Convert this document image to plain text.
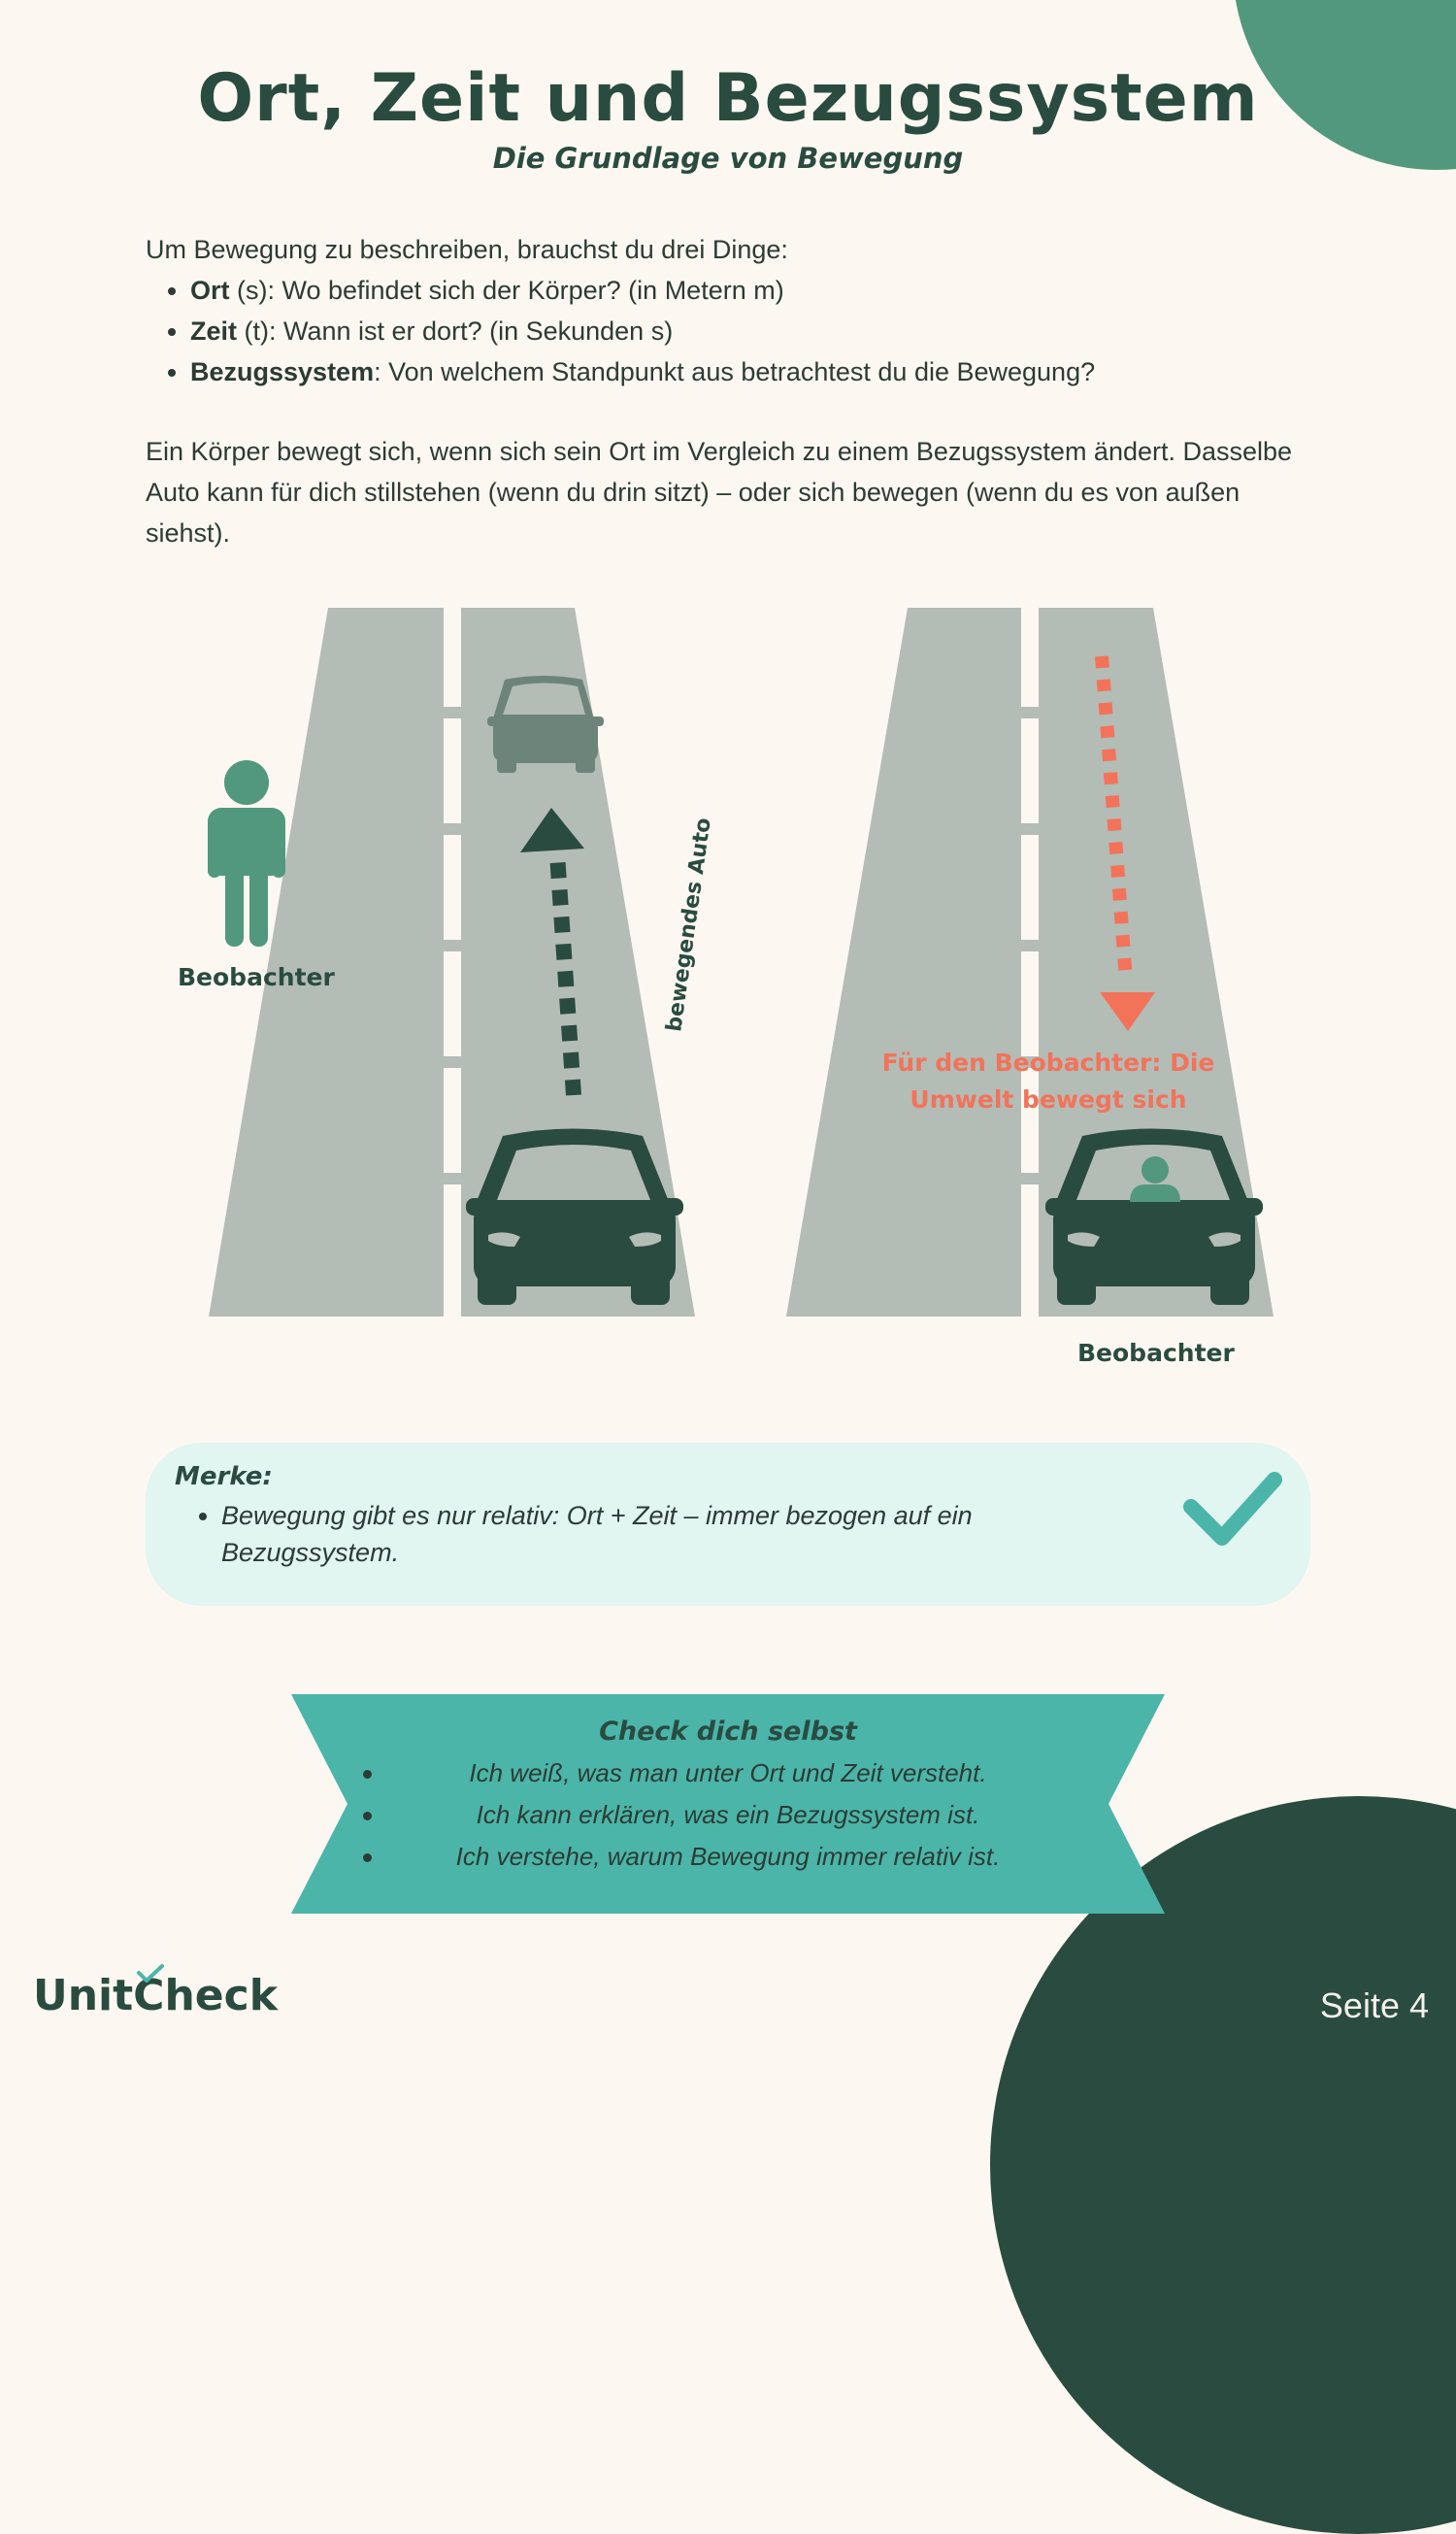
Ort, Zeit und Bezugssystem
Die Grundlage von Bewegung

Um Bewegung zu beschreiben, brauchst du drei Dinge:

• Ort (s): Wo befindet sich der Körper? (in Metern m)
• Zeit (t): Wann ist er dort? (in Sekunden s)
• Bezugssystem: Von welchem Standpunkt aus betrachtest du die Bewegung?

Ein Körper bewegt sich, wenn sich sein Ort im Vergleich zu einem Bezugssystem ändert. Dasselbe Auto kann für dich stillstehen (wenn du drin sitzt) – oder sich bewegen (wenn du es von außen siehst).

Beobachter	bewegendes Auto
Für den Beobachter: Die Umwelt bewegt sich
Beobachter
Merke:
• Bewegung gibt es nur relativ: Ort + Zeit – immer bezogen auf ein Bezugssystem.
Check dich selbst
Ich weiß, was man unter Ort und Zeit versteht.
Ich kann erklären, was ein Bezugssystem ist.
Ich verstehe, warum Bewegung immer relativ ist.
UnitCheck	Seite 4
